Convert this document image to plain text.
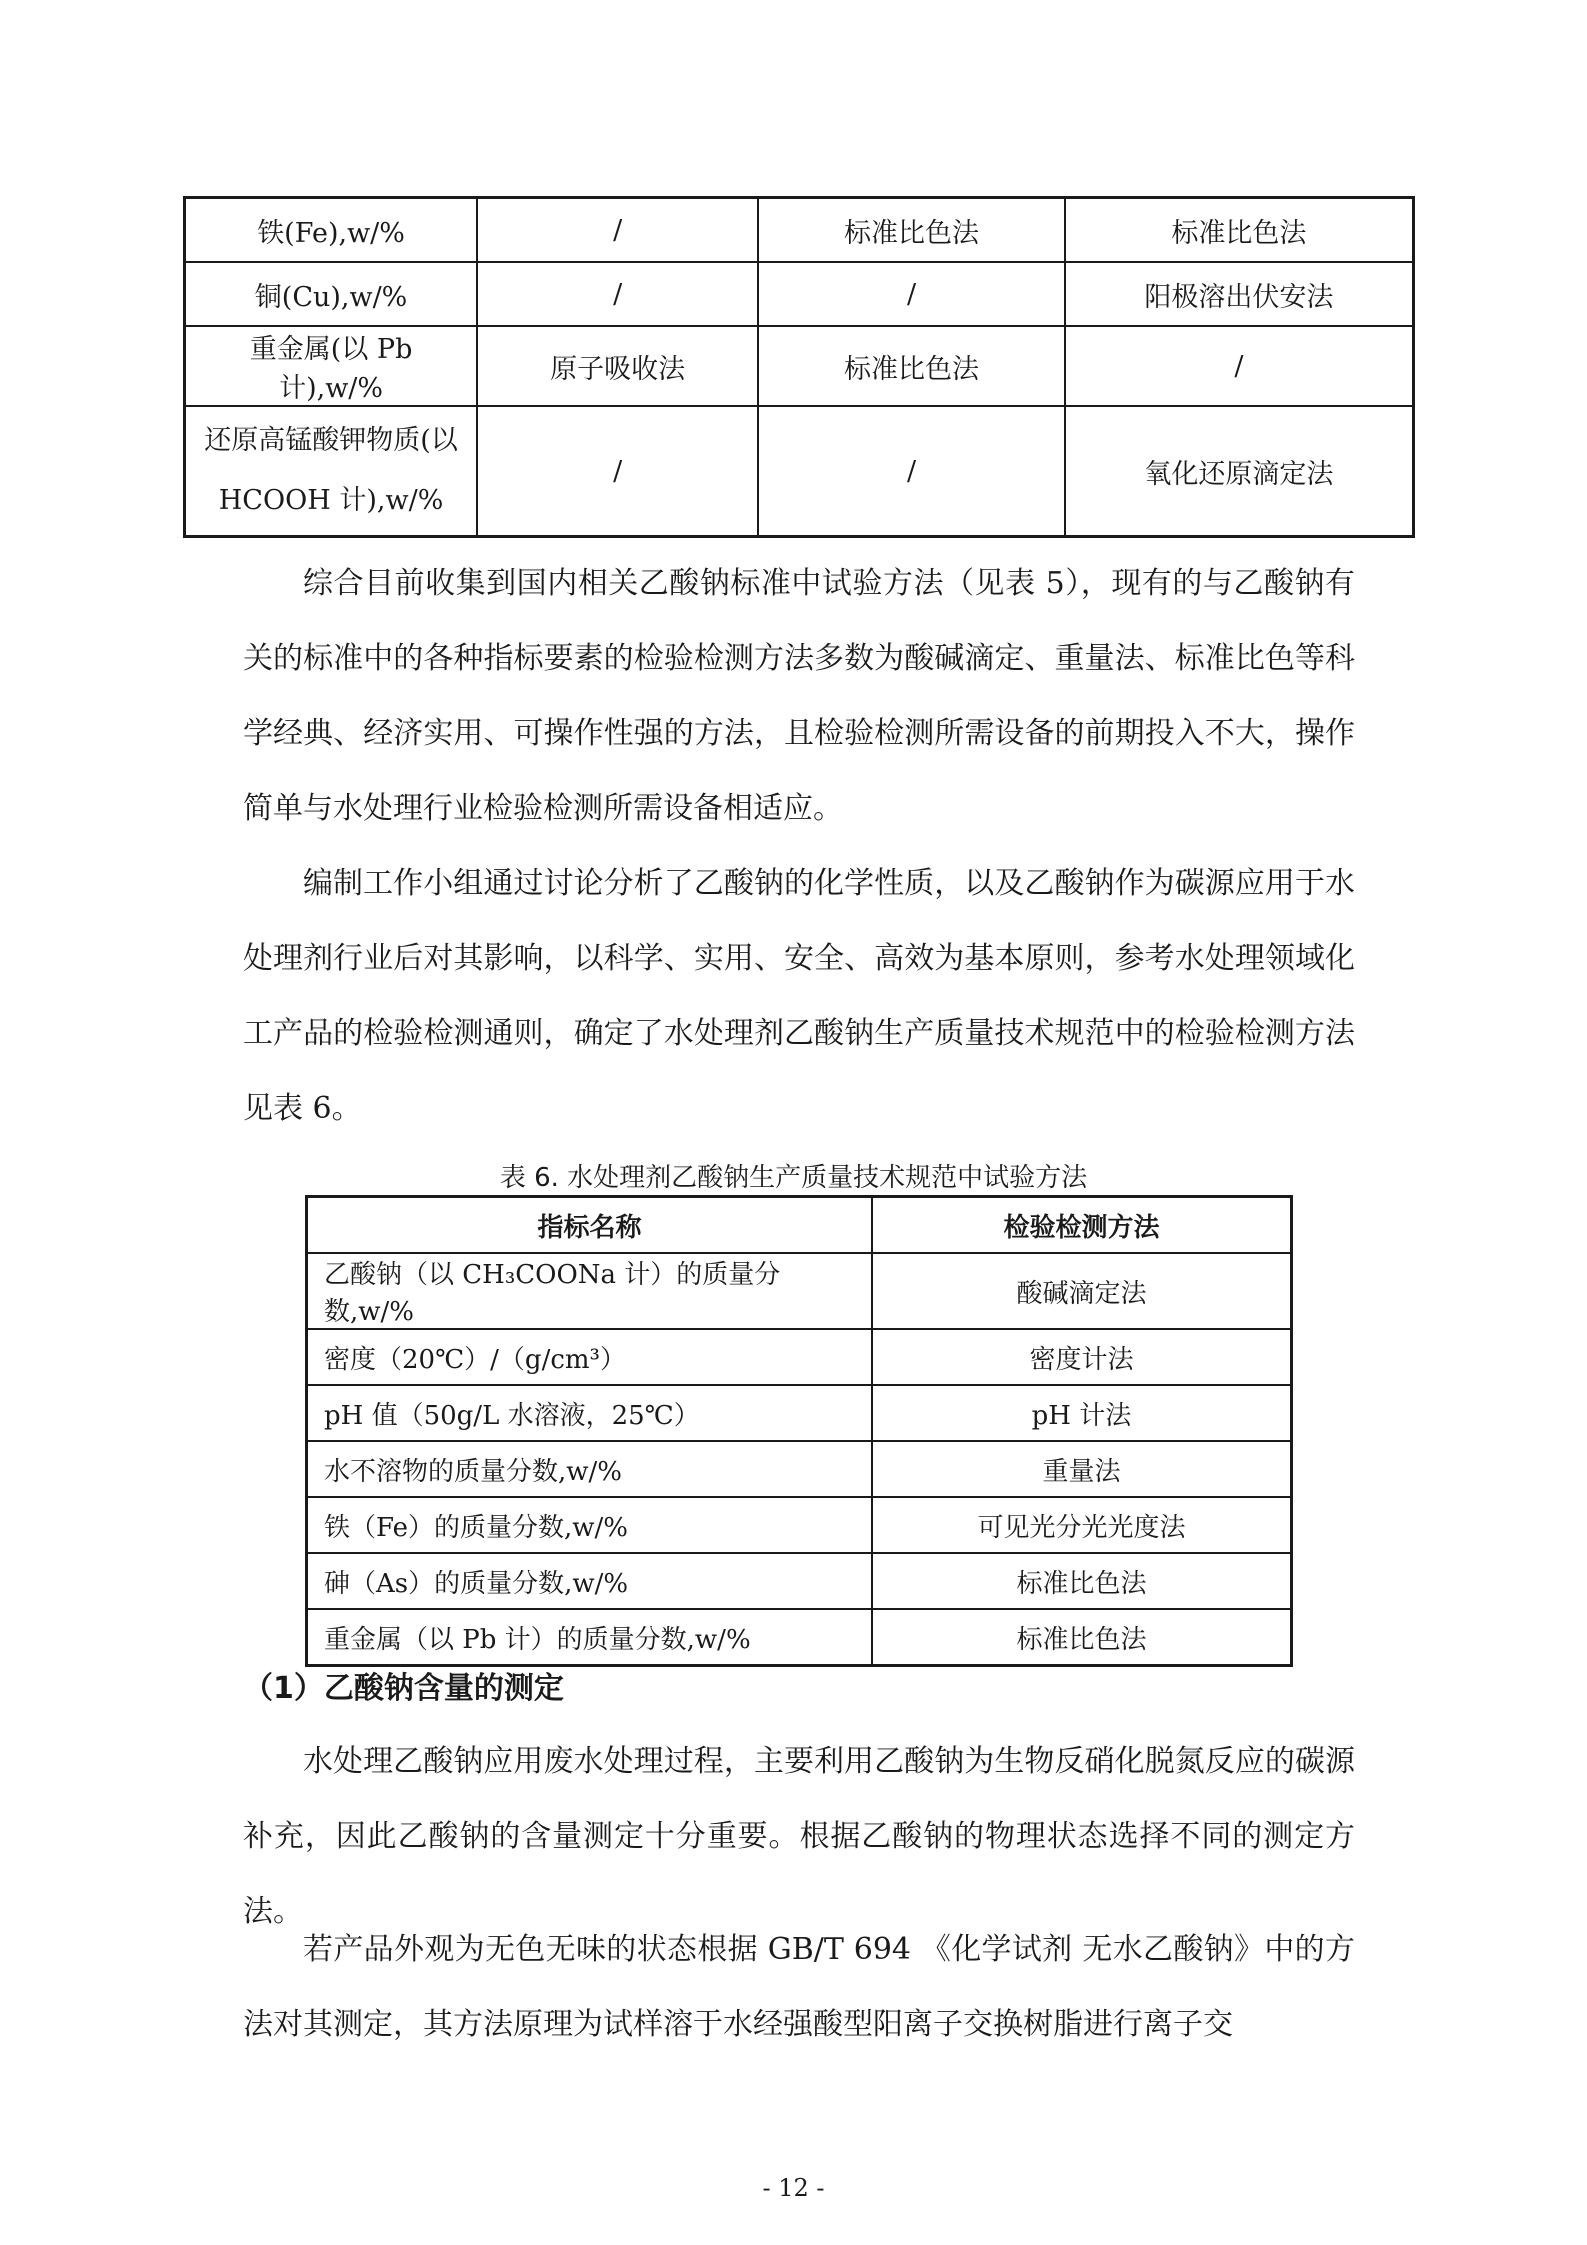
铁(Fe),w/%	/	标准比色法	标准比色法
铜(Cu),w/%	/	/	阳极溶出伏安法
重金属(以 Pb 计),w/%	原子吸收法	标准比色法	/

还原高锰酸钾物质(以
HCOOH 计),w/%	/	/	氧化还原滴定法

综合目前收集到国内相关乙酸钠标准中试验方法（见表 5），现有的与乙酸钠有关的标准中的各种指标要素的检验检测方法多数为酸碱滴定、重量法、标准比色等科学经典、经济实用、可操作性强的方法，且检验检测所需设备的前期投入不大，操作简单与水处理行业检验检测所需设备相适应。

编制工作小组通过讨论分析了乙酸钠的化学性质，以及乙酸钠作为碳源应用于水处理剂行业后对其影响，以科学、实用、安全、高效为基本原则，参考水处理领域化工产品的检验检测通则，确定了水处理剂乙酸钠生产质量技术规范中的检验检测方法见表 6。

表 6. 水处理剂乙酸钠生产质量技术规范中试验方法
指标名称	检验检测方法
乙酸钠（以 CH₃COONa 计）的质量分数,w/%	酸碱滴定法
密度（20℃）/（g/cm³）	密度计法
pH 值（50g/L 水溶液，25℃）	pH 计法
水不溶物的质量分数,w/%	重量法
铁（Fe）的质量分数,w/%	可见光分光光度法
砷（As）的质量分数,w/%	标准比色法
重金属（以 Pb 计）的质量分数,w/%	标准比色法
（1）乙酸钠含量的测定

水处理乙酸钠应用废水处理过程，主要利用乙酸钠为生物反硝化脱氮反应的碳源补充，因此乙酸钠的含量测定十分重要。根据乙酸钠的物理状态选择不同的测定方法。

若产品外观为无色无味的状态根据 GB/T 694 《化学试剂 无水乙酸钠》中的方法对其测定，其方法原理为试样溶于水经强酸型阳离子交换树脂进行离子交

- 12 -
